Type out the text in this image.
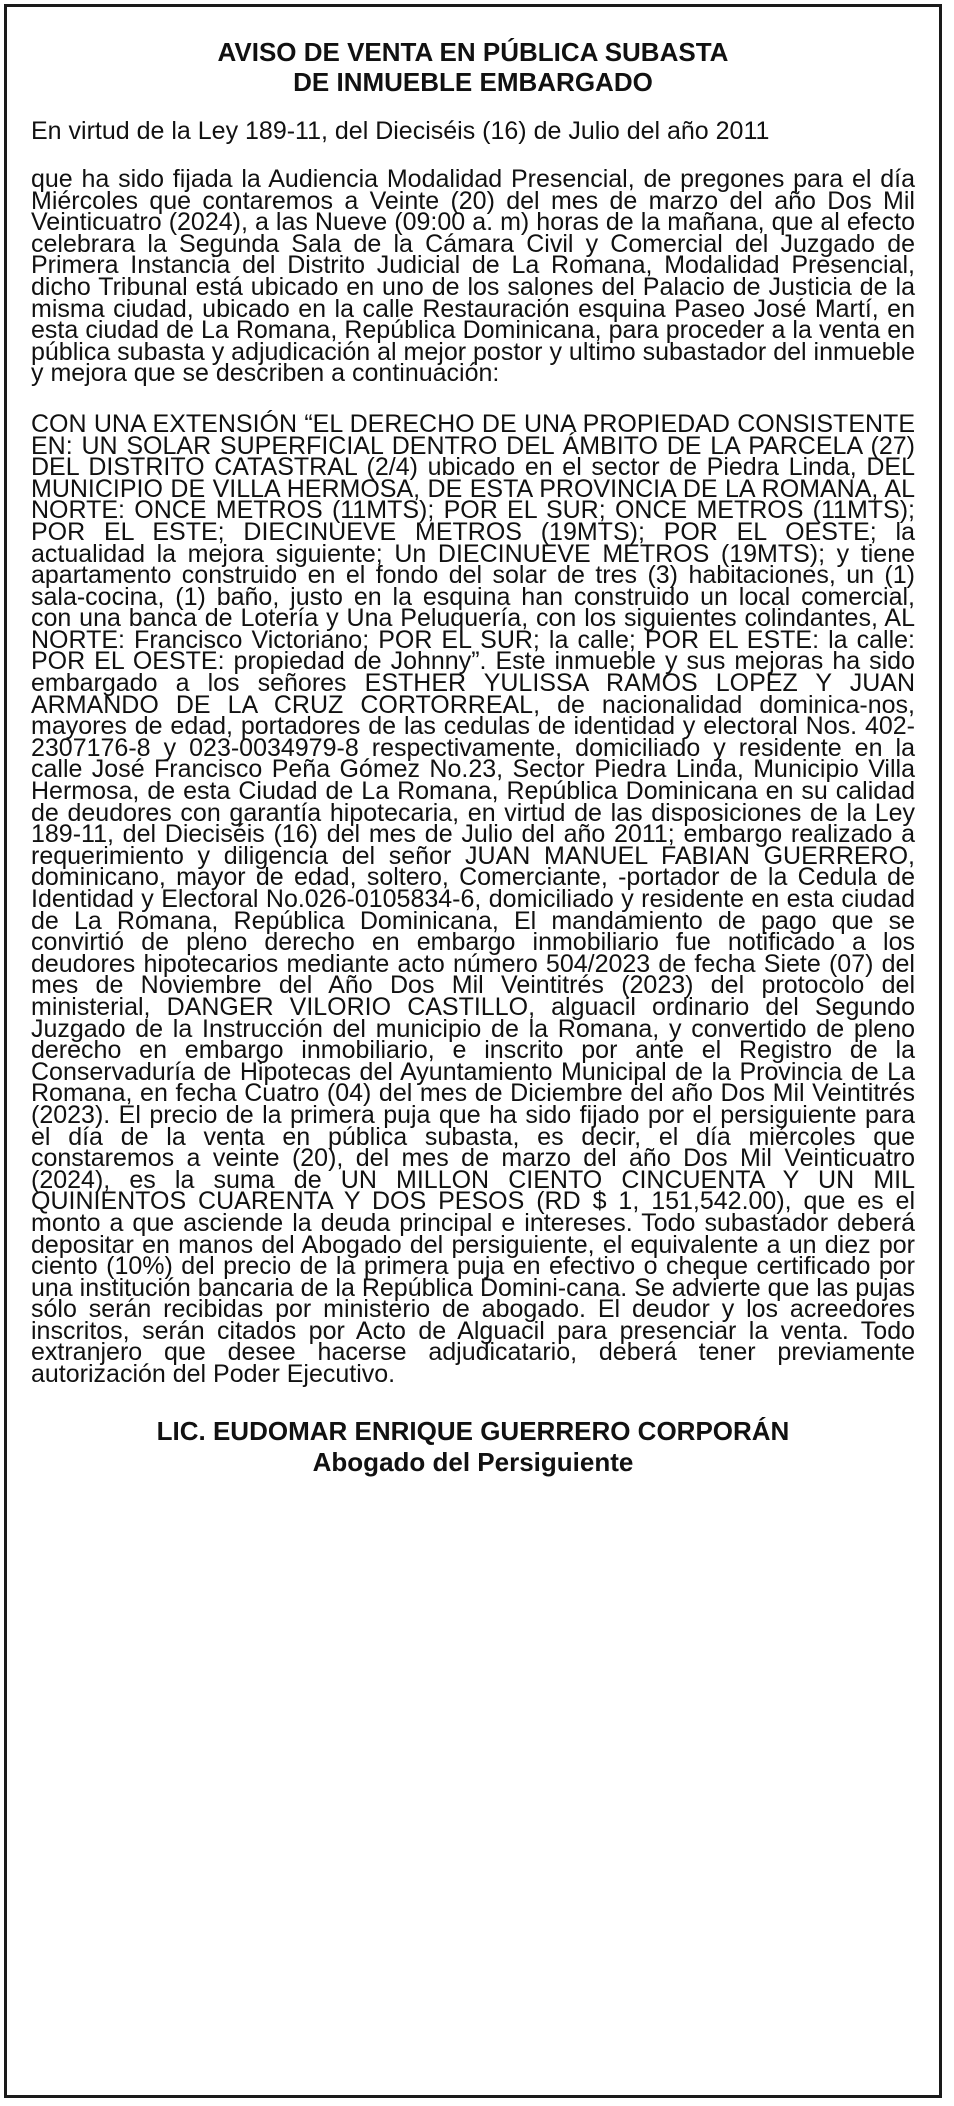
AVISO DE VENTA EN PÚBLICA SUBASTA
DE INMUEBLE EMBARGADO

En virtud de la Ley 189-11, del Dieciséis (16) de Julio del año 2011

que ha sido fijada la Audiencia Modalidad Presencial, de pregones para el día Miércoles que contaremos a Veinte (20) del mes de marzo del año Dos Mil Veinticuatro (2024), a las Nueve (09:00 a. m) horas de la mañana, que al efecto celebrara la Segunda Sala de la Cámara Civil y Comercial del Juzgado de Primera Instancia del Distrito Judicial de La Romana, Modalidad Presencial, dicho Tribunal está ubicado en uno de los salones del Palacio de Justicia de la misma ciudad, ubicado en la calle Restauración esquina Paseo José Martí, en esta ciudad de La Romana, República Dominicana, para proceder a la venta en pública subasta y adjudicación al mejor postor y ultimo subastador del inmueble y mejora que se describen a continuación:

CON UNA EXTENSIÓN “EL DERECHO DE UNA PROPIEDAD CONSISTENTE EN: UN SOLAR SUPERFICIAL DENTRO DEL ÁMBITO DE LA PARCELA (27) DEL DISTRITO CATASTRAL (2/4) ubicado en el sector de Piedra Linda, DEL MUNICIPIO DE VILLA HERMOSA, DE ESTA PROVINCIA DE LA ROMANA, AL NORTE: ONCE METROS (11MTS); POR EL SUR; ONCE METROS (11MTS); POR EL ESTE; DIECINUEVE METROS (19MTS); POR EL OESTE; la actualidad la mejora siguiente; Un DIECINUEVE METROS (19MTS); y tiene apartamento construido en el fondo del solar de tres (3) habitaciones, un (1) sala-cocina, (1) baño, justo en la esquina han construido un local comercial, con una banca de Lotería y Una Peluquería, con los siguientes colindantes, AL NORTE: Francisco Victoriano; POR EL SUR; la calle; POR EL ESTE: la calle: POR EL OESTE: propiedad de Johnny”. Este inmueble y sus mejoras ha sido embargado a los señores ESTHER YULISSA RAMOS LOPEZ Y JUAN ARMANDO DE LA CRUZ CORTORREAL, de nacionalidad dominica-nos, mayores de edad, portadores de las cedulas de identidad y electoral Nos. 402-2307176-8 y 023-0034979-8 respectivamente, domiciliado y residente en la calle José Francisco Peña Gómez No.23, Sector Piedra Linda, Municipio Villa Hermosa, de esta Ciudad de La Romana, República Dominicana en su calidad de deudores con garantía hipotecaria, en virtud de las disposiciones de la Ley 189-11, del Dieciséis (16) del mes de Julio del año 2011; embargo realizado a requerimiento y diligencia del señor JUAN MANUEL FABIAN GUERRERO, dominicano, mayor de edad, soltero, Comerciante, -portador de la Cedula de Identidad y Electoral No.026-0105834-6, domiciliado y residente en esta ciudad de La Romana, República Dominicana, El mandamiento de pago que se convirtió de pleno derecho en embargo inmobiliario fue notificado a los deudores hipotecarios mediante acto número 504/2023 de fecha Siete (07) del mes de Noviembre del Año Dos Mil Veintitrés (2023) del protocolo del ministerial, DANGER VILORIO CASTILLO, alguacil ordinario del Segundo Juzgado de la Instrucción del municipio de la Romana, y convertido de pleno derecho en embargo inmobiliario, e inscrito por ante el Registro de la Conservaduría de Hipotecas del Ayuntamiento Municipal de la Provincia de La Romana, en fecha Cuatro (04) del mes de Diciembre del año Dos Mil Veintitrés (2023). El precio de la primera puja que ha sido fijado por el persiguiente para el día de la venta en pública subasta, es decir, el día miércoles que constaremos a veinte (20), del mes de marzo del año Dos Mil Veinticuatro (2024), es la suma de UN MILLON CIENTO CINCUENTA Y UN MIL QUINIENTOS CUARENTA Y DOS PESOS (RD $ 1, 151,542.00), que es el monto a que asciende la deuda principal e intereses. Todo subastador deberá depositar en manos del Abogado del persiguiente, el equivalente a un diez por ciento (10%) del precio de la primera puja en efectivo o cheque certificado por una institución bancaria de la República Domini-cana. Se advierte que las pujas sólo serán recibidas por ministerio de abogado. El deudor y los acreedores inscritos, serán citados por Acto de Alguacil para presenciar la venta. Todo extranjero que desee hacerse adjudicatario, deberá tener previamente autorización del Poder Ejecutivo.

LIC. EUDOMAR ENRIQUE GUERRERO CORPORÁN
Abogado del Persiguiente
